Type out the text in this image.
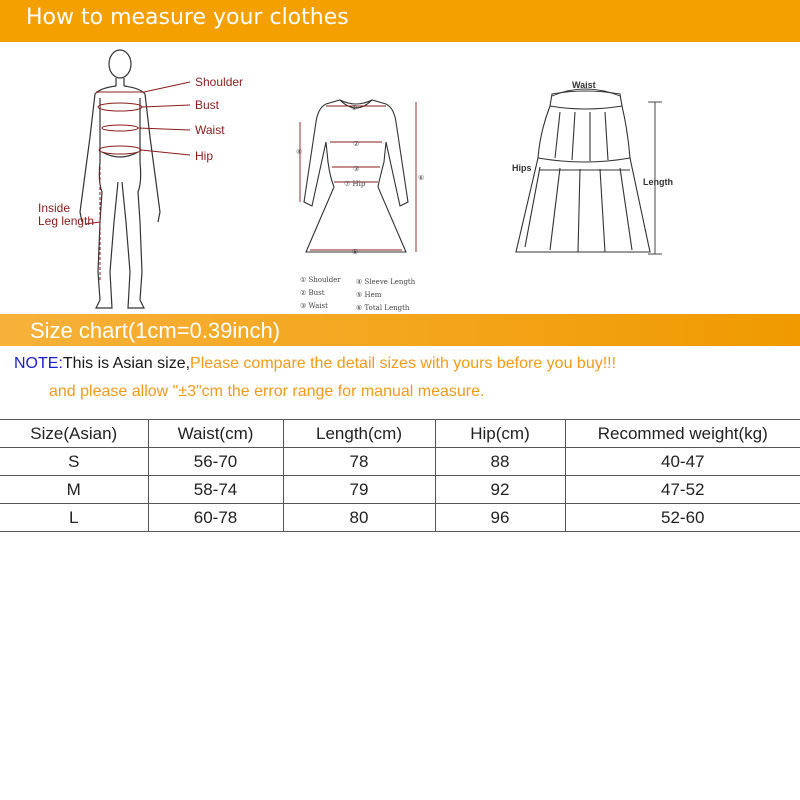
How to measure your clothes
Shoulder
Bust
Waist
Hip
Inside
Leg length
①
②
③
④
⑤
⑥
⑦ Hip
① Shoulder ④ Sleeve Length
② Bust	⑤ Hem
③ Waist	⑥ Total Length
Waist
Hips
Length
Size chart(1cm=0.39inch)
NOTE:This is Asian size,Please compare the detail sizes with yours before you buy!!!
and please allow "±3"cm the error range for manual measure.
Size(Asian)	Waist(cm)	Length(cm)	Hip(cm)	Recommed weight(kg)
S	56-70	78	88	40-47
M	58-74	79	92	47-52
L	60-78	80	96	52-60
